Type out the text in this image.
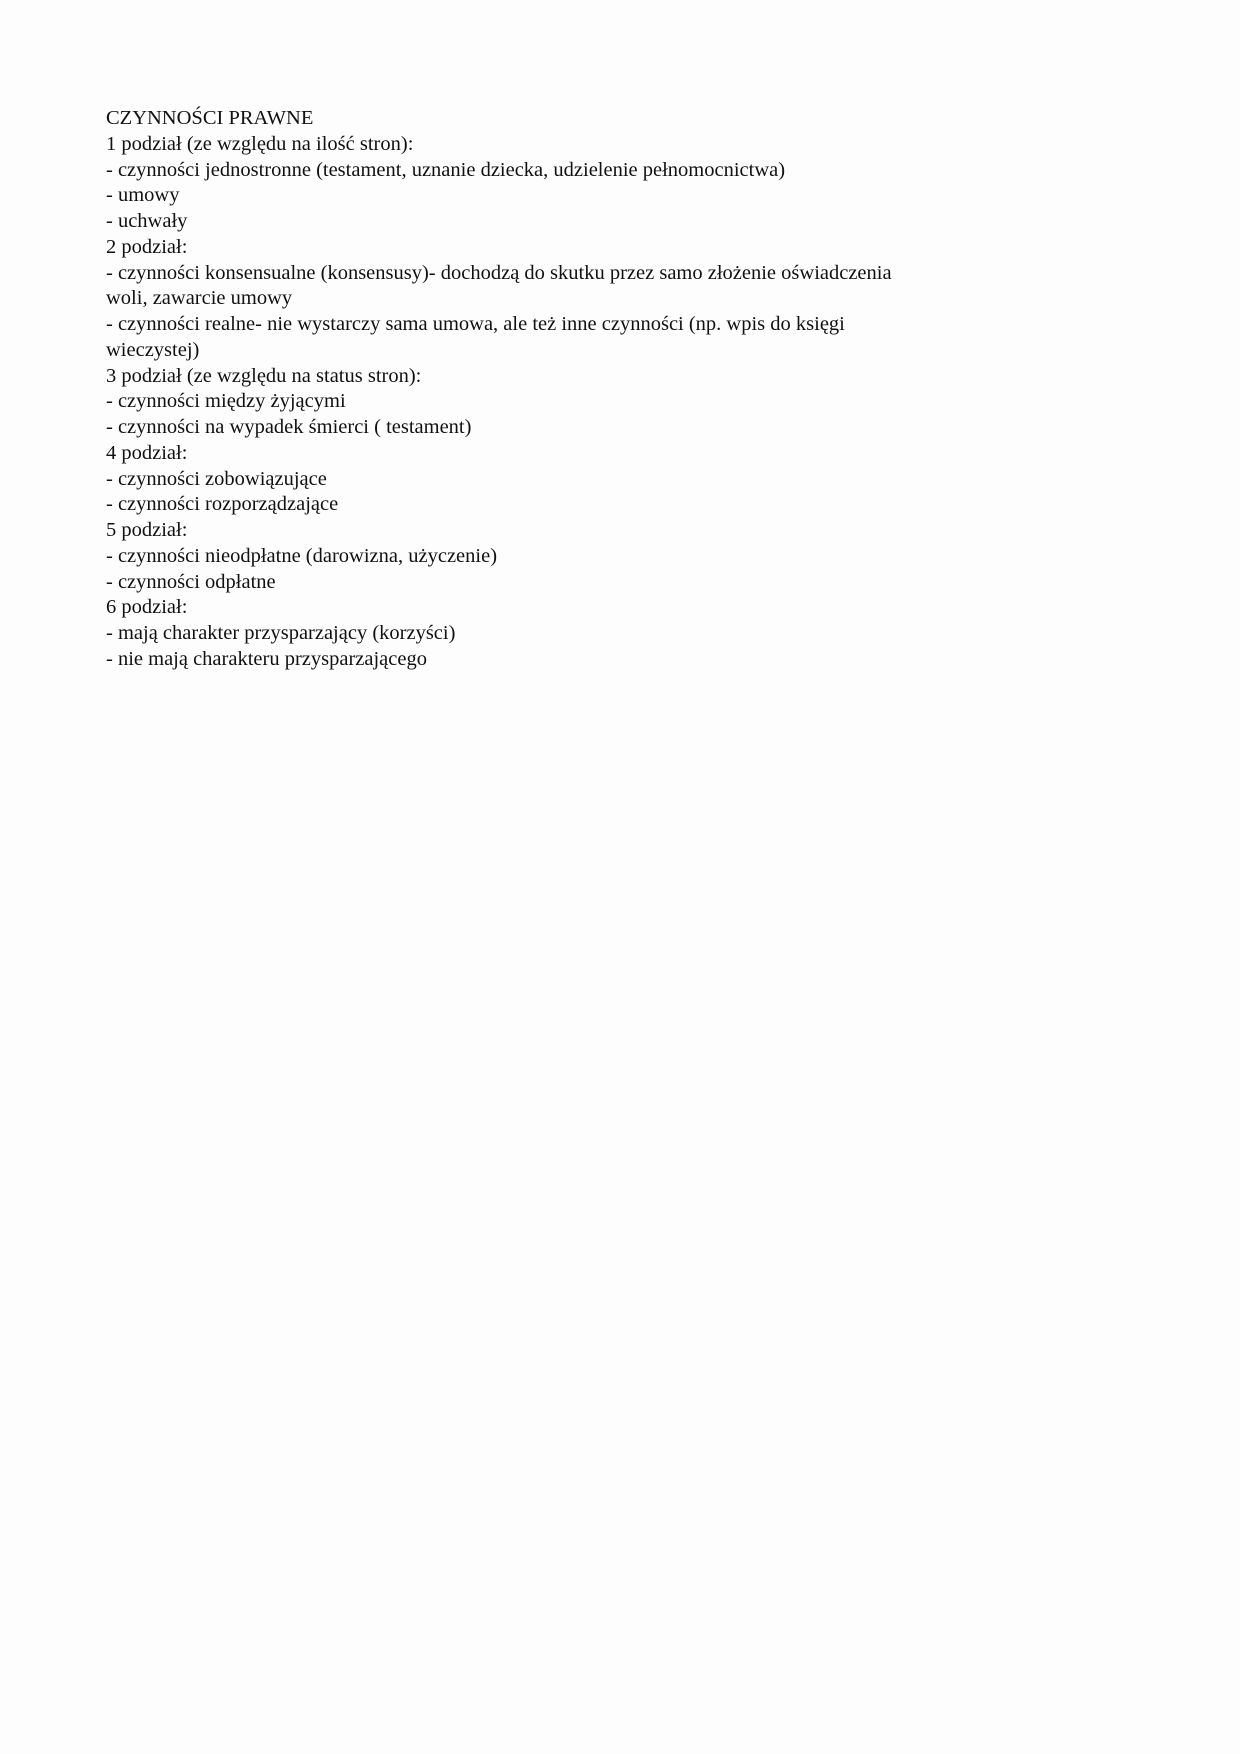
CZYNNOŚCI PRAWNE
1 podział (ze względu na ilość stron):
- czynności jednostronne (testament, uznanie dziecka, udzielenie pełnomocnictwa)
- umowy
- uchwały
2 podział:
- czynności konsensualne (konsensusy)- dochodzą do skutku przez samo złożenie oświadczenia
woli, zawarcie umowy
- czynności realne- nie wystarczy sama umowa, ale też inne czynności (np. wpis do księgi
wieczystej)
3 podział (ze względu na status stron):
- czynności między żyjącymi
- czynności na wypadek śmierci ( testament)
4 podział:
- czynności zobowiązujące
- czynności rozporządzające
5 podział:
- czynności nieodpłatne (darowizna, użyczenie)
- czynności odpłatne
6 podział:
- mają charakter przysparzający (korzyści)
- nie mają charakteru przysparzającego
